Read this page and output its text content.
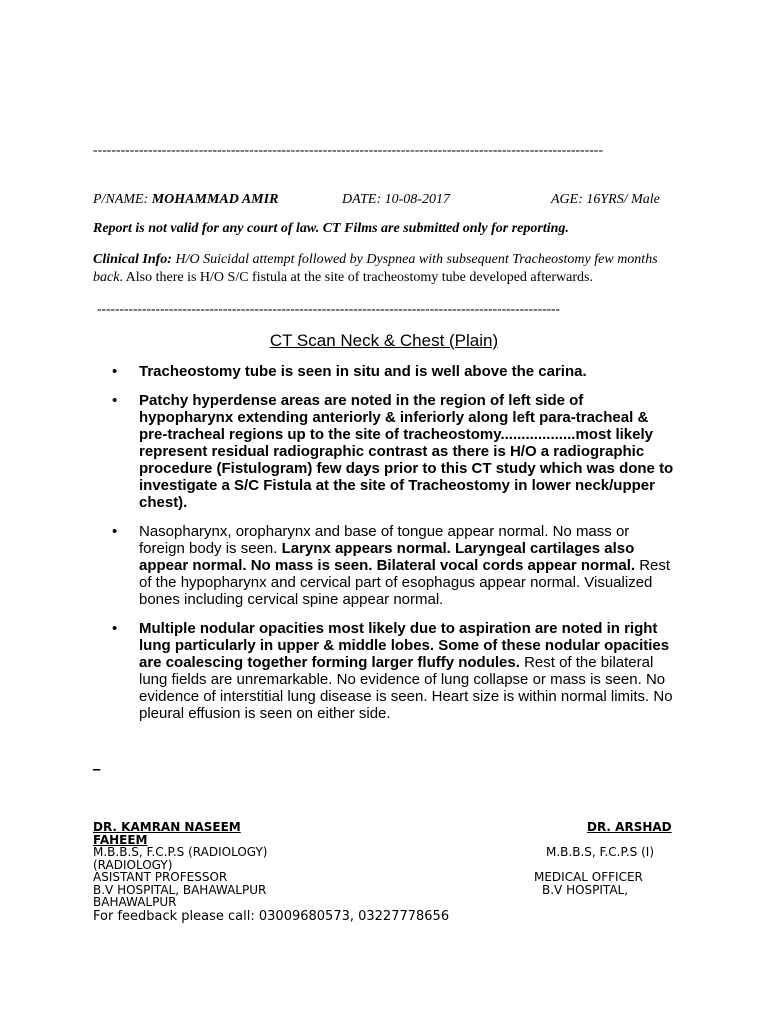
---------------------------------------------------------------------------------------------------------------
P/NAME: MOHAMMAD AMIR	DATE: 10-08-2017	AGE: 16YRS/ Male
Report is not valid for any court of law. CT Films are submitted only for reporting.
Clinical Info: H/O Suicidal attempt followed by Dyspnea with subsequent Tracheostomy few months back. Also there is H/O S/C fistula at the site of tracheostomy tube developed afterwards.
-------------------------------------------------------------------------------------------------------
CT Scan Neck & Chest (Plain)
• Tracheostomy tube is seen in situ and is well above the carina.
• Patchy hyperdense areas are noted in the region of left side of hypopharynx extending anteriorly & inferiorly along left para-tracheal & pre-tracheal regions up to the site of tracheostomy..................most likely represent residual radiographic contrast as there is H/O a radiographic procedure (Fistulogram) few days prior to this CT study which was done to investigate a S/C Fistula at the site of Tracheostomy in lower neck/upper chest).
• Nasopharynx, oropharynx and base of tongue appear normal. No mass or foreign body is seen. Larynx appears normal. Laryngeal cartilages also appear normal. No mass is seen. Bilateral vocal cords appear normal. Rest of the hypopharynx and cervical part of esophagus appear normal. Visualized bones including cervical spine appear normal.
• Multiple nodular opacities most likely due to aspiration are noted in right lung particularly in upper & middle lobes. Some of these nodular opacities are coalescing together forming larger fluffy nodules. Rest of the bilateral lung fields are unremarkable. No evidence of lung collapse or mass is seen. No evidence of interstitial lung disease is seen. Heart size is within normal limits. No pleural effusion is seen on either side.
_
DR. KAMRAN NASEEM
FAHEEM
M.B.B.S, F.C.P.S (RADIOLOGY)
(RADIOLOGY)
ASISTANT PROFESSOR
B.V HOSPITAL, BAHAWALPUR
BAHAWALPUR
DR. ARSHAD
M.B.B.S, F.C.P.S (I)
MEDICAL OFFICER
B.V HOSPITAL,
For feedback please call: 03009680573, 03227778656
